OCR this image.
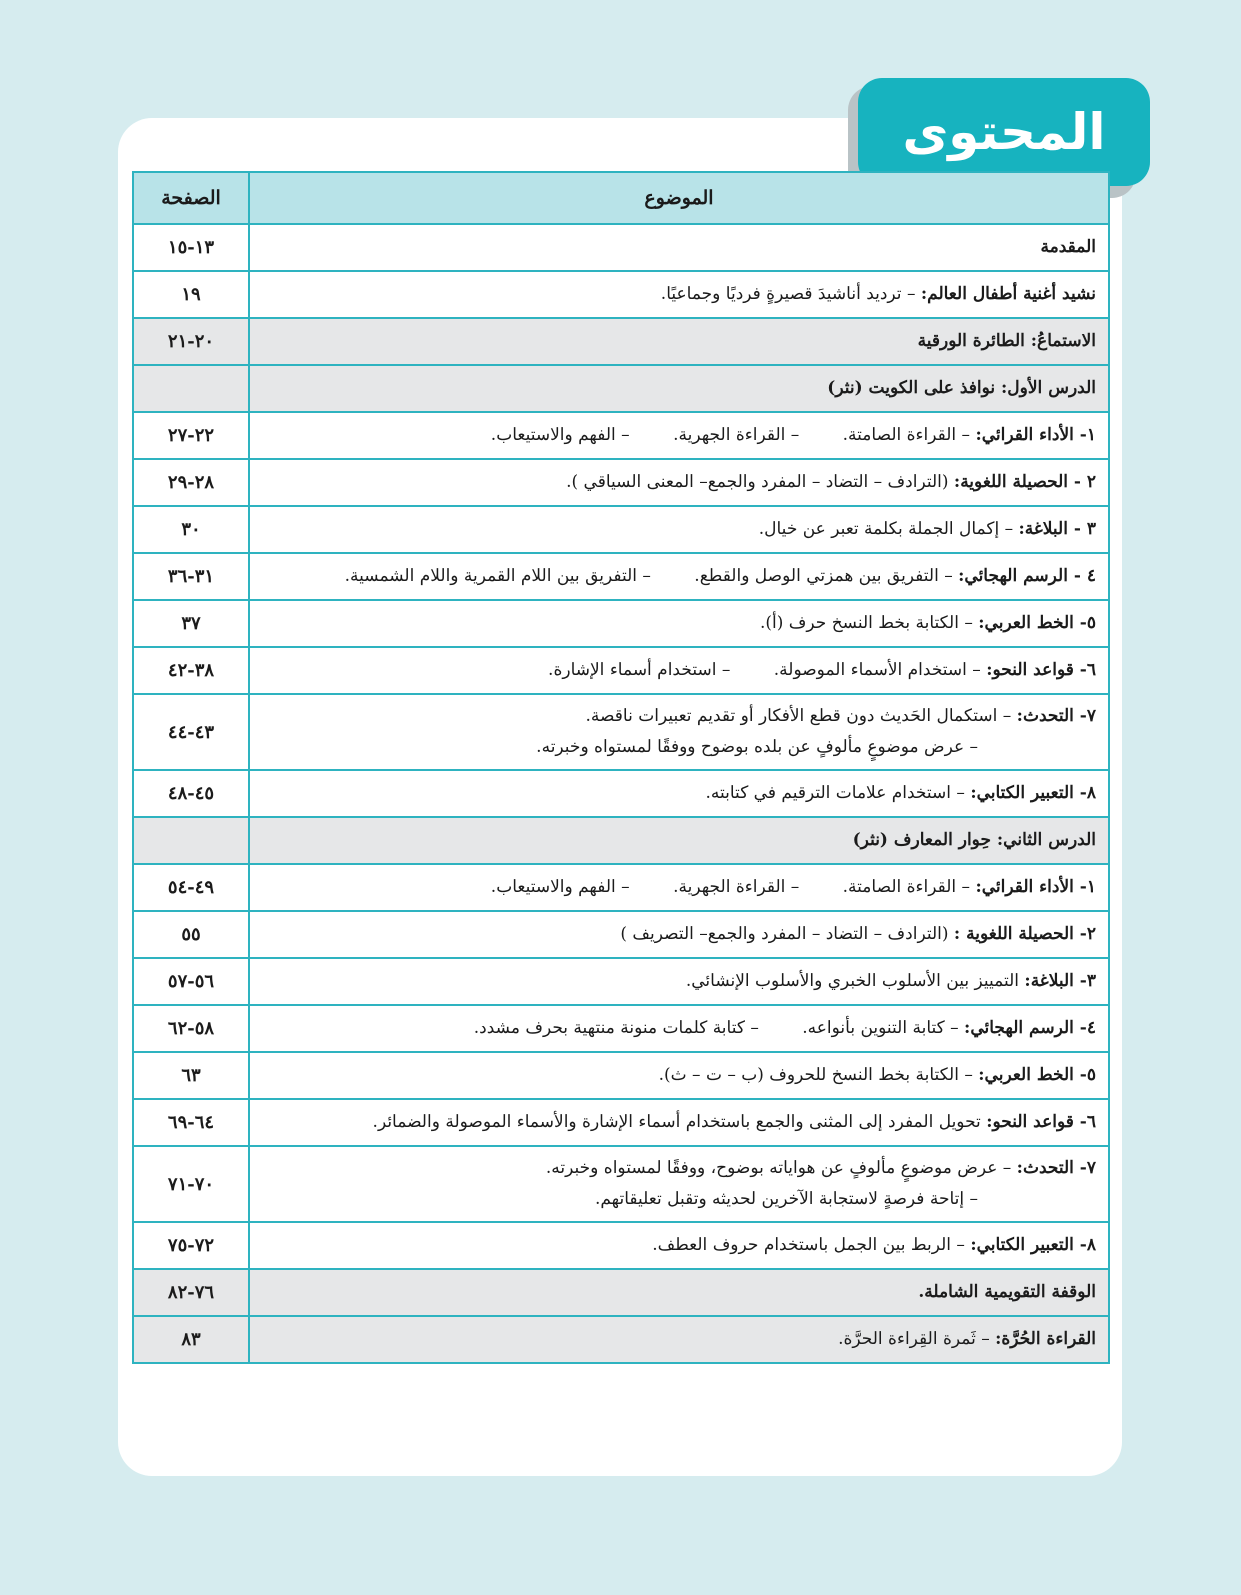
المحتوى
الموضوع	الصفحة
المقدمة	١٣-١٥
نشيد أغنية أطفال العالم: – ترديد أناشيدَ قصيرةٍ فرديًا وجماعيًا.	١٩
الاستماعُ: الطائرة الورقية	٢٠-٢١
الدرس الأول: نوافذ على الكويت (نثر)	
١- الأداء القرائي: – القراءة الصامتة. – القراءة الجهرية. – الفهم والاستيعاب.	٢٢-٢٧
٢ - الحصيلة اللغوية: (الترادف – التضاد – المفرد والجمع– المعنى السياقي ).	٢٨-٢٩
٣ - البلاغة: – إكمال الجملة بكلمة تعبر عن خيال.	٣٠
٤ - الرسم الهجائي: – التفريق بين همزتي الوصل والقطع. – التفريق بين اللام القمرية واللام الشمسية.	٣١-٣٦
٥- الخط العربي: – الكتابة بخط النسخ حرف (أ).	٣٧
٦- قواعد النحو: – استخدام الأسماء الموصولة. – استخدام أسماء الإشارة.	٣٨-٤٢
٧- التحدث: – استكمال الحَديث دون قطع الأفكار أو تقديم تعبيرات ناقصة.
– عرض موضوعٍ مألوفٍ عن بلده بوضوح ووفقًا لمستواه وخبرته.	٤٣-٤٤
٨- التعبير الكتابي: – استخدام علامات الترقيم في كتابته.	٤٥-٤٨
الدرس الثاني: حِوار المعارف (نثر)	
١- الأداء القرائي: – القراءة الصامتة. – القراءة الجهرية. – الفهم والاستيعاب.	٤٩-٥٤
٢- الحصيلة اللغوية : (الترادف – التضاد – المفرد والجمع– التصريف )	٥٥
٣- البلاغة: التمييز بين الأسلوب الخبري والأسلوب الإنشائي.	٥٦-٥٧
٤- الرسم الهجائي: – كتابة التنوين بأنواعه. – كتابة كلمات منونة منتهية بحرف مشدد.	٥٨-٦٢
٥- الخط العربي: – الكتابة بخط النسخ للحروف (ب – ت – ث).	٦٣
٦- قواعد النحو: تحويل المفرد إلى المثنى والجمع باستخدام أسماء الإشارة والأسماء الموصولة والضمائر.	٦٤-٦٩
٧- التحدث: – عرض موضوعٍ مألوفٍ عن هواياته بوضوح، ووفقًا لمستواه وخبرته.
– إتاحة فرصةٍ لاستجابة الآخرين لحديثه وتقبل تعليقاتهم.	٧٠-٧١
٨- التعبير الكتابي: – الربط بين الجمل باستخدام حروف العطف.	٧٢-٧٥
الوقفة التقويمية الشاملة.	٧٦-٨٢
القراءة الحُرَّة: – ثَمرة القِراءة الحرَّة.	٨٣
